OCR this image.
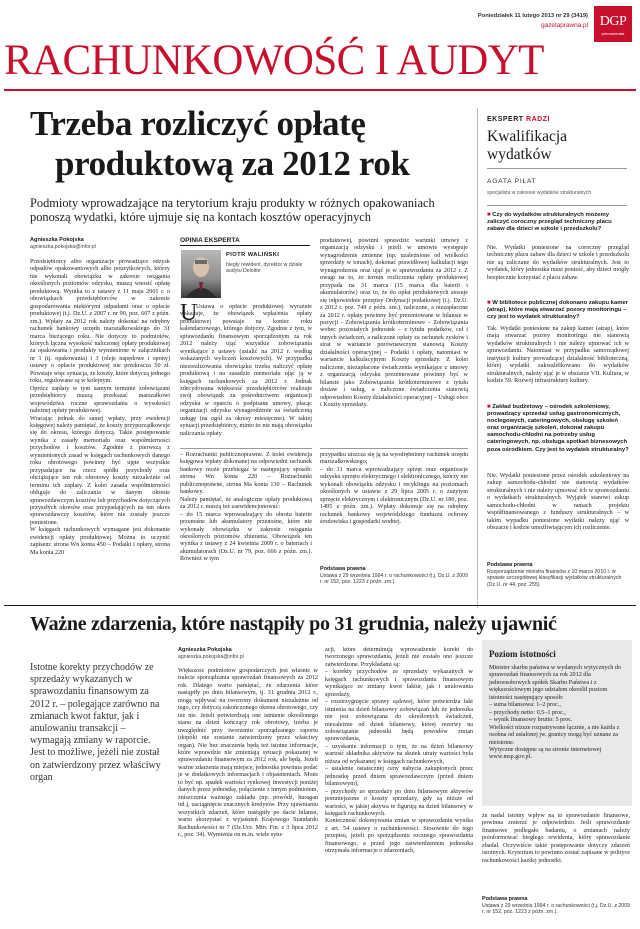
Poniedziałek 11 lutego 2013 nr 29 (3419)
gazetaprawna.pl DGP
prenumerata
RACHUNKOWOŚĆ I AUDYT
Trzeba rozliczyć opłatę
produktową za 2012 rok
Podmioty wprowadzające na terytorium kraju produkty w różnych opakowaniach ponoszą wydatki, które ujmuje się na kontach kosztów operacyjnych
Agnieszka Pokojska
agnieszka.pokojska@infor.pl
Przedsiębiorcy albo organizacje prowadzące odzysk odpadów opakowaniowych albo poużytkowych, którzy nie wykonali obowiązku w zakresie osiągania określonych poziomów odzysku, muszą wnosić opłatę produktową. Wynika to z ustawy z 11 maja 2001 r. o obowiązkach przedsiębiorców w zakresie gospodarowania niektórymi odpadami oraz o opłacie produktowej (t.j. Dz.U. z 2007 r. nr 90, poz. 607 z późn. zm.). Wpłaty za 2012 rok należy dokonać na odrębny rachunek bankowy urzędu marszałkowskiego do 31 marca bieżącego roku. Nie dotyczy to podmiotów, których łączna wysokość naliczonej opłaty produktowej za opakowania i produkty wymienione w załącznikach nr 1 (tj. opakowania) i 3 (oleje napędowe i opony) ustawy o opłacie produktowej nie przekracza 50 zł. Powstaje więc sytuacja, że koszty, które dotyczą jednego roku, regulowane są w kolejnym.
Oprócz zapłaty w tym samym terminie zobowiązani przedsiębiorcy muszą przekazać marszałkowi województwa roczne sprawozdania o wysokości należnej opłaty produktowej.
Wracając jednak do samej wpłaty, przy ewidencji księgowej należy pamiętać, że koszty przyporządkowuje się do okresu, którego dotyczą. Takie postępowanie wynika z zasady memoriału oraz współmierności przychodów i kosztów. Zgodnie z pierwszą z wymienionych zasad w księgach rachunkowych danego roku obrotowego powinny być ujęte wszystkie przypadające na rzecz spółki przychody oraz obciążające ten rok obrotowy koszty niezależnie od terminu ich zapłaty. Z kolei zasada współmierności obliguje do zaliczania w danym okresie sprawozdawczym kosztów lub przychodów dotyczących przyszłych okresów oraz przypadających na ten okres sprawozdawczy kosztów, które nie zostały jeszcze poniesione.
W księgach rachunkowych wymagane jest dokonanie ewidencji opłaty produktowej. Można to uczynić zapisem: strona Wn konta 450 – Podatki i opłaty, strona Ma konta 220
OPINIA EKSPERTA
PIOTR WALIŃSKI
biegły rewident, dyrektor w dziale audytu Deloitte
U
Ustawa o opłacie produktowej wyraźnie wskazuje, że obowiązek wpłacenia opłaty produktowej powstaje na koniec roku kalendarzowego, którego dotyczy. Zgodnie z tym, w sprawozdaniu finansowym sporządzonym za rok 2012 należy ująć wszystkie zobowiązania wynikające z ustawy (ustalić na 2012 r. według wskazanych wyliczeń kosztowych). W przypadku niezrealizowania obowiązku trzeba naliczyć opłatę produktową i na zasadzie memoriału ująć ją w księgach rachunkowych za 2012 r. Jednak zdecydowana większość przedsiębiorców realizuje swój obowiązek za pośrednictwem organizacji odzysku w oparciu o podpisane umowy, płacąc organizacji odzysku wynagrodzenie za świadczoną usługę (na ogół za okresy miesięczne). W takiej sytuacji przedsiębiorcy, mimo że nie mają obowiązku naliczania opłaty
– Rozrachunki publicznoprawne. Z kolei ewidencja księgowa wpłaty dokonanej na odpowiedni rachunek bankowy może przebiegać w następujący sposób: strona Wn konta 220 – Rozrachunki publicznoprawne, strona Ma konta 130 – Rachunek bankowy.
Należy pamiętać, że analogiczne opłaty produktową za 2012 r. muszą też zaewidencjonować:
– do 15 marca wprowadzający do obrotu baterie przenośne lub akumulatory przenośne, które nie wykonały obowiązku w zakresie osiągania określonych poziomów zbierania. Obowiązek ten wynika z ustawy z 24 kwietnia 2009 r. o bateriach i akumulatorach (Dz.U. nr 79, poz. 666 z późn. zm.). Również w tym
produktowej, powinni sprawdzić warunki umowy z organizacją odzysku i jeżeli w umowie występuje wynagrodzenie zmienne (np. uzależnione od wielkości sprzedaży w tonach), dokonać prawidłowej kalkulacji tego wynagrodzenia oraz ująć je w sprawozdaniu za 2012 r. Z uwagi na to, że termin rozliczenia opłaty produktowej przypada na 31 marca (15 marca dla baterii i akumulatorów) oraz to, że do opłat produktowych stosuje się odpowiednie przepisy Ordynacji podatkowej (t.j. Dz.U. z 2012 r. poz. 749 z późn. zm.), naliczone, a niezapłacone za 2012 r. opłaty powinny być prezentowane w bilansie w pozycji - Zobowiązania krótkoterminowe – Zobowiązania wobec pozostałych jednostek – z tytułu podatków, ceł i innych świadczeń, a naliczone opłaty za rachunek zysków i strat w wariancie porównawczym stanowią Koszty działalności operacyjnej – Podatki i opłaty, natomiast w wariancie kalkulacyjnym Koszty sprzedaży. Z kolei naliczone, niezapłacone świadczenia wynikające z umowy z organizacją odzysku prezentowane powinny być w bilansie jako Zobowiązania krótkoterminowe z tytułu dostaw i usług, a naliczone świadczenia stanowią odpowiednio Koszty działalności operacyjnej – Usługi obce i Koszty sprzedaży.
przypadku uiszcza się ją na wyodrębniony rachunek urzędu marszałkowskiego;
– do 31 marca wprowadzający sprzęt oraz organizacje odzysku sprzętu elektrycznego i elektronicznego, którzy nie wykonali obowiązku odzysku i recyklingu na poziomach określonych w ustawie z 29 lipca 2005 r. o zużytym sprzęcie elektrycznym i elektronicznym (Dz.U. nr 180, poz. 1495 z późn. zm.). Wpłaty dokonuje się na odrębny rachunek bankowy wojewódzkiego funduszu ochrony środowiska i gospodarki wodnej.
Podstawa prawna
Ustawa z 29 września 1994 r. o rachunkowości (t.j. Dz.U. z 2009 r. nr 152, poz. 1223 z późn. zm.).
EKSPERT RADZI
Kwalifikacja wydatków
AGATA PIŁAT
specjalista w zakresie wydatków strukturalnych
■ Czy do wydatków strukturalnych możemy zaliczyć coroczny przegląd techniczny placu zabaw dla dzieci w szkole i przedszkolu?
Nie. Wydatki poniesione na coroczny przegląd techniczny placu zabaw dla dzieci w szkole i przedszkolu nie są zaliczane do wydatków strukturalnych. Jest to wydatek, który jednostka musi ponieść, aby dzieci mogły bezpiecznie korzystać z placu zabaw.
■ W bibliotece publicznej dokonano zakupu kamer (atrap), które mają stwarzać pozory monitoringu – czy jest to wydatek strukturalny?
Tak. Wydatki poniesione na zakup kamer (atrap), które mają stwarzać pozory monitoringu nie stanowią wydatków strukturalnych i nie należy ujmować ich w sprawozdaniu. Natomiast w przypadku samorządowej instytucji kultury prowadzącej działalność biblioteczną, której wydatki zakwalifikowano do wydatków strukturalnych, należy ująć je w obszarze VII. Kultura, w kodzie 59. Rozwój infrastruktury kultury.
■ Zakład budżetowy – ośrodek szkoleniowy, prowadzący sprzedaż usług gastronomicznych, noclegowych, cateringowych, obsługę szkoleń oraz organizację szkoleń, dokonał zakupu samochodu-chłodni na potrzeby usług cateringowych, np. obsługa spotkań biznesowych poza ośrodkiem. Czy jest to wydatek strukturalny?
Nie. Wydatki poniesione przez ośrodek szkoleniowy na zakup samochodu-chłodni nie stanowią wydatków strukturalnych i nie należy ujmować ich w sprawozdaniu o wydatkach strukturalnych. Wyjątek stanowi zakup samochodu-chłodni w ramach projektu współfinansowanego z funduszy strukturalnych – w takim wypadku poniesione wydatki należy ująć w obszarze i kodzie umożliwiającym ich rozliczenie.
Podstawa prawna
Rozporządzenie ministra finansów z 10 marca 2010 r. w sprawie szczegółowej klasyfikacji wydatków strukturalnych (Dz.U. nr 44, poz. 255).
Ważne zdarzenia, które nastąpiły po 31 grudnia, należy ujawnić
Istotne korekty przychodów ze sprzedaży wykazanych w sprawozdaniu finansowym za 2012 r. – polegające zarówno na zmianach kwot faktur, jak i anulowaniu transakcji – wymagają zmiany w raporcie. Jest to możliwe, jeżeli nie został on zatwierdzony przez właściwy organ
Agnieszka Pokojska
agnieszka.pokojska@infor.pl
Większość podmiotów gospodarczych jest właśnie w trakcie sporządzania sprawozdań finansowych za 2012 rok. Dlatego warto pamiętać, że zdarzenia które nastąpiły po dniu bilansowym, tj. 31 grudnia 2012 r., mogą wpływać na tworzony dokument niezależnie od tego, czy dotyczą zakończonego okresu obrotowego, czy też nie. Jeżeli potwierdzają one istnienie określonego stanu na dzień kończący rok obrotowy, trzeba je uwzględnić przy tworzeniu sporządzanego raportu (dopóki nie zostanie zatwierdzony przez właściwy organ). Nie bez znaczenia będą też istotne informacje, które wprawdzie nie zmieniają sytuacji pokazanej w sprawozdaniu finansowym za 2012 rok, ale będą. Jeżeli ważne zdarzenia mają miejsce, jednostka powinna podać je w dodatkowych informacjach i objaśnieniach. Może to być np. spadek wartości rynkowej inwestycji poniżej danych przez jednostkę, połączenie z innym podmiotem, zniszczenia ważnego zakładu (np. powódź, huragan itd.), zaciągnięcie znacznych kredytów. Przy ujawnianiu wszystkich zdarzeń, które nastąpiły po dacie bilansu, warto skorzystać z wyjaśnień Krajowego Standardu Rachunkowości nr 7 (Dz.Urz. Min. Fin. z 3 lipca 2012 r., poz. 34). Wymienia on m.in. wiele sytu-
acji, które determinują wprowadzenie korekt do tworzonego sprawozdania, jeżeli nie zostało ono jeszcze zatwierdzone. Przykładami są:
– korekty przychodów ze sprzedaży wykazanych w księgach rachunkowych i sprawozdaniu finansowym wynikające ze zmiany kwot faktur, jak i anulowania sprzedaży,
– rozstrzygnięcie sprawy sądowej, które potwierdza fakt istnienia na dzień bilansowy zobowiązań lub że jednostka nie jest zobowiązana do określonych świadczeń, niezależnie od dzień bilansowy, której rezerwy na zobowiązanie jednostki będą powodów zmian sprawozdania,
– uzyskanie informacji o tym, że na dzień bilansowy wartość składnika aktywów na skutek utraty wartości była niższa od wykazanej w księgach rachunkowych,
– ustalenie ostatecznej ceny nabycia zakupionych przez jednostkę przed dniem sprawozdawczym (przed dniem bilansowym),
– przychody ze sprzedaży po dniu bilansowym aktywów pomniejszone o koszty sprzedaży, gdy są niższe od wartości, w jakiej aktywa te figurują na dzień bilansowy w księgach rachunkowych.
Konieczność dokonywania zmian w sprawozdaniu wynika z art. 54 ustawy o rachunkowości. Stosownie do tego przepisu, jeżeli po sporządzeniu rocznego sprawozdania finansowego, a przed jego zatwierdzeniem jednostka otrzymała informacje o zdarzeniach,
Poziom istotności
Minister skarbu państwa w wydanych wytycznych do sprawozdań finansowych za rok 2012 dla jednoosobowych spółek Skarbu Państwa i z większościowym jego udziałem określił poziom istotności następujący sposób:
– suma bilansowa: 1–2 proc.,
– przychody netto: 0,5–1 proc.,
– wynik finansowy brutto: 5 proc.
Wielkości nizsze rozpatrywane łącznie, a nie każda z osobna od ustalonej jw. granicy mogą być uznane za nieistotne.
Wytyczne dostępne są na stronie internetowej www.msp.gov.pl.
że nadal istotny wpływ na to sprawozdanie finansowe, powinna zmienić je odpowiednio. Jeśli sprawozdanie finansowe podlegało badaniu, o zmianach należy poinformować biegłego rewidenta, który sprawozdanie zbadał. Oczywiście takie postępowanie dotyczy zdarzeń istotnych. Kryterium to powinno zostać zapisane w polityce rachunkowości każdej jednostki.
Podstawa prawna
Ustawa z 29 września 1994 r. o rachunkowości (t.j. Dz.U. z 2009 r. nr 152, poz. 1223 z późn. zm.).
